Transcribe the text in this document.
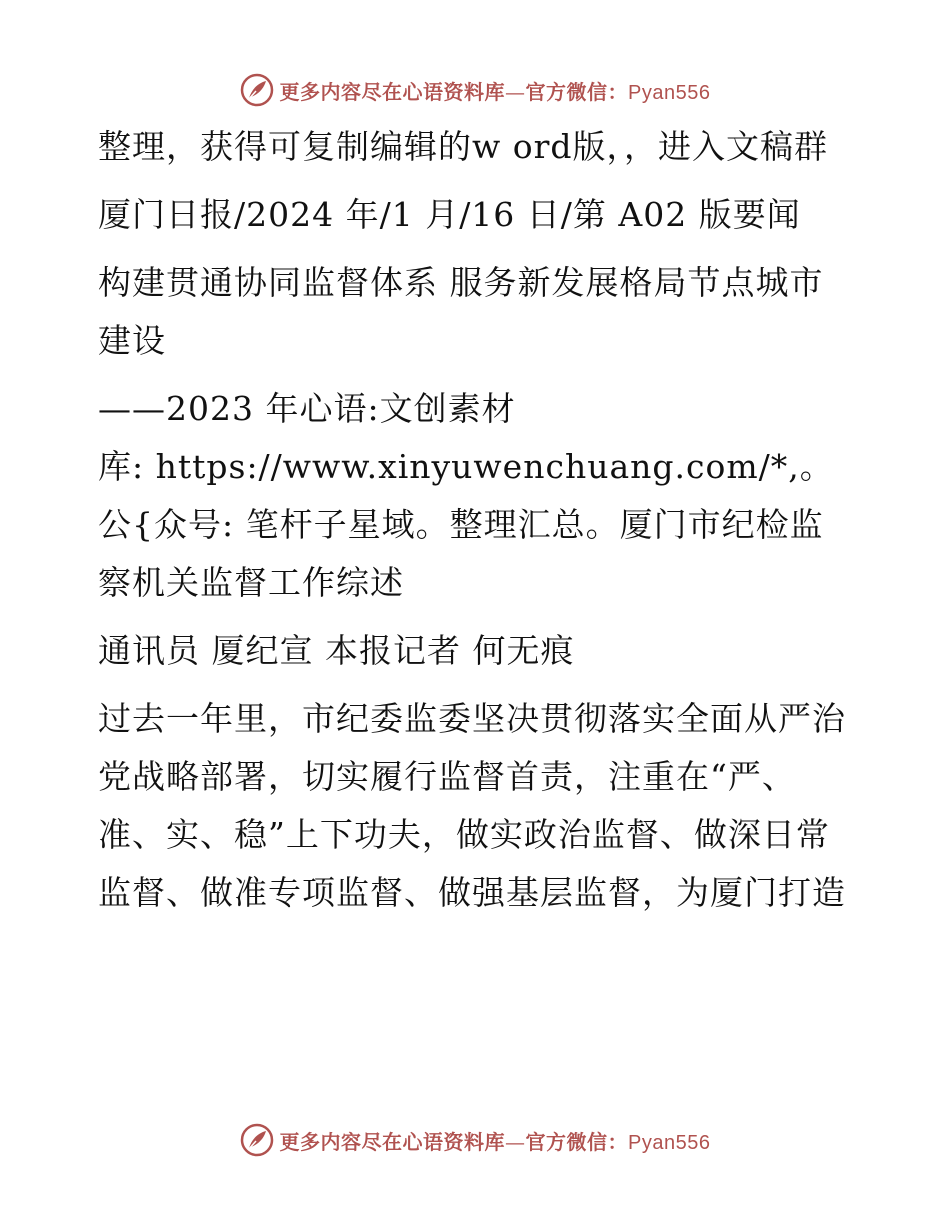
更多内容尽在心语资料库—官方微信：Pyan556

整理，获得可复制编辑的w ord版，，进入文稿群

厦门日报/2024 年/1 月/16 日/第 A02 版要闻

构建贯通协同监督体系 服务新发展格局节点城市建设

——2023 年心语:文创素材

库: https://www.xinyuwenchuang.com/*,。公{众号: 笔杆子星域。整理汇总。厦门市纪检监察机关监督工作综述

通讯员 厦纪宣 本报记者 何无痕

过去一年里，市纪委监委坚决贯彻落实全面从严治党战略部署，切实履行监督首责，注重在“严、准、实、稳”上下功夫，做实政治监督、做深日常监督、做准专项监督、做强基层监督，为厦门打造

更多内容尽在心语资料库—官方微信：Pyan556
